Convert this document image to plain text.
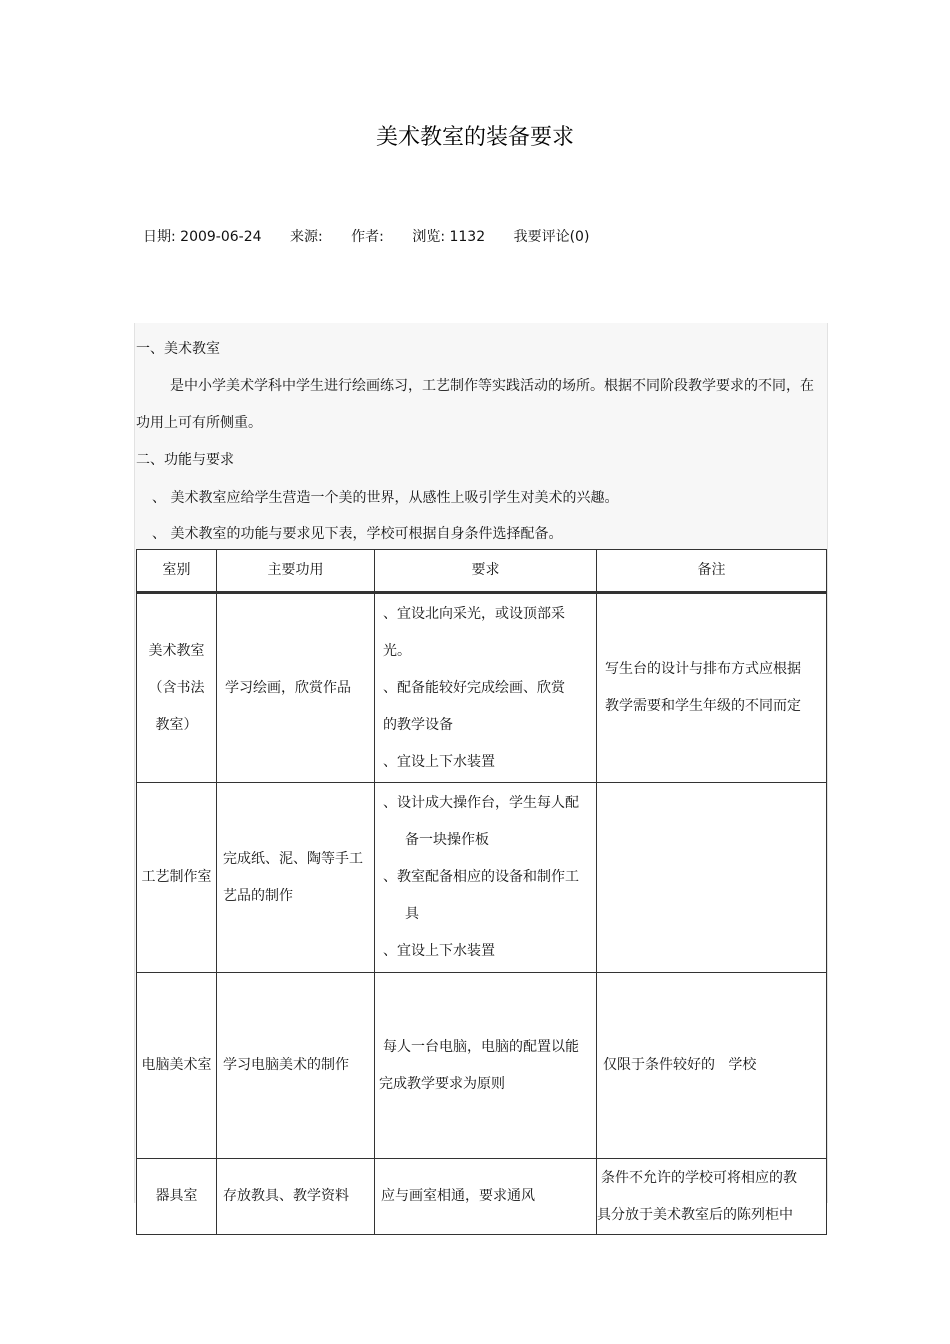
美术教室的装备要求
日期: 2009-06-24 来源: 作者: 浏览: 1132 我要评论(0)
一、美术教室
是中小学美术学科中学生进行绘画练习，工艺制作等实践活动的场所。根据不同阶段教学要求的不同，在
功用上可有所侧重。
二、功能与要求
、 美术教室应给学生营造一个美的世界，从感性上吸引学生对美术的兴趣。
、 美术教室的功能与要求见下表，学校可根据自身条件选择配备。
室别	主要功用	要求	备注

美术教室
（含书法
教室）	学习绘画，欣赏作品	、宜设北向采光，或设顶部采
光。
、配备能较好完成绘画、欣赏
的教学设备
、宜设上下水装置	写生台的设计与排布方式应根据
教学需要和学生年级的不同而定

工艺制作室	完成纸、泥、陶等手工
艺品的制作	、设计成大操作台，学生每人配
备一块操作板
、教室配备相应的设备和制作工
具
、宜设上下水装置	

电脑美术室	学习电脑美术的制作	每人一台电脑，电脑的配置以能
完成教学要求为原则	仅限于条件较好的   学校

器具室	存放教具、教学资料	应与画室相通，要求通风	条件不允许的学校可将相应的教
具分放于美术教室后的陈列柜中
